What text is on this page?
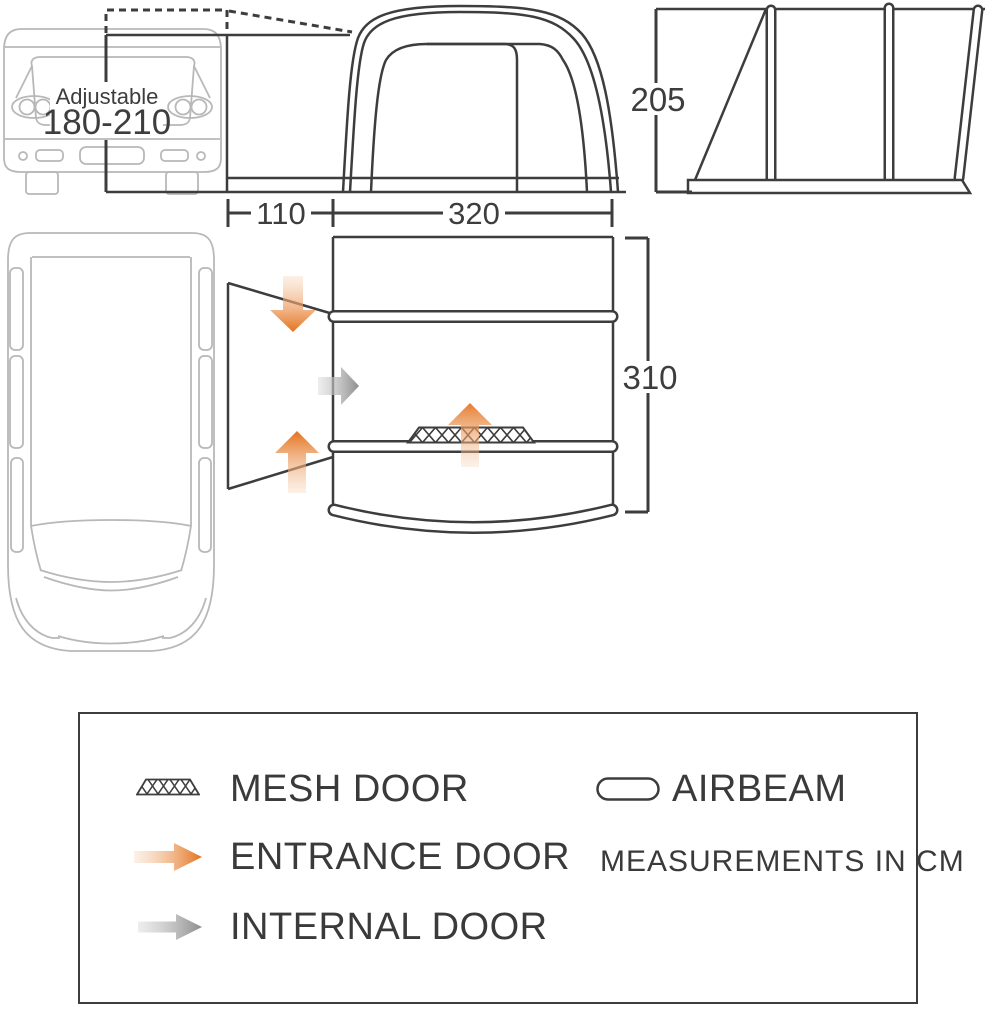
Adjustable
180-210
110	320
205
310
MESH DOOR	AIRBEAM
ENTRANCE DOOR MEASUREMENTS IN CM
INTERNAL DOOR
